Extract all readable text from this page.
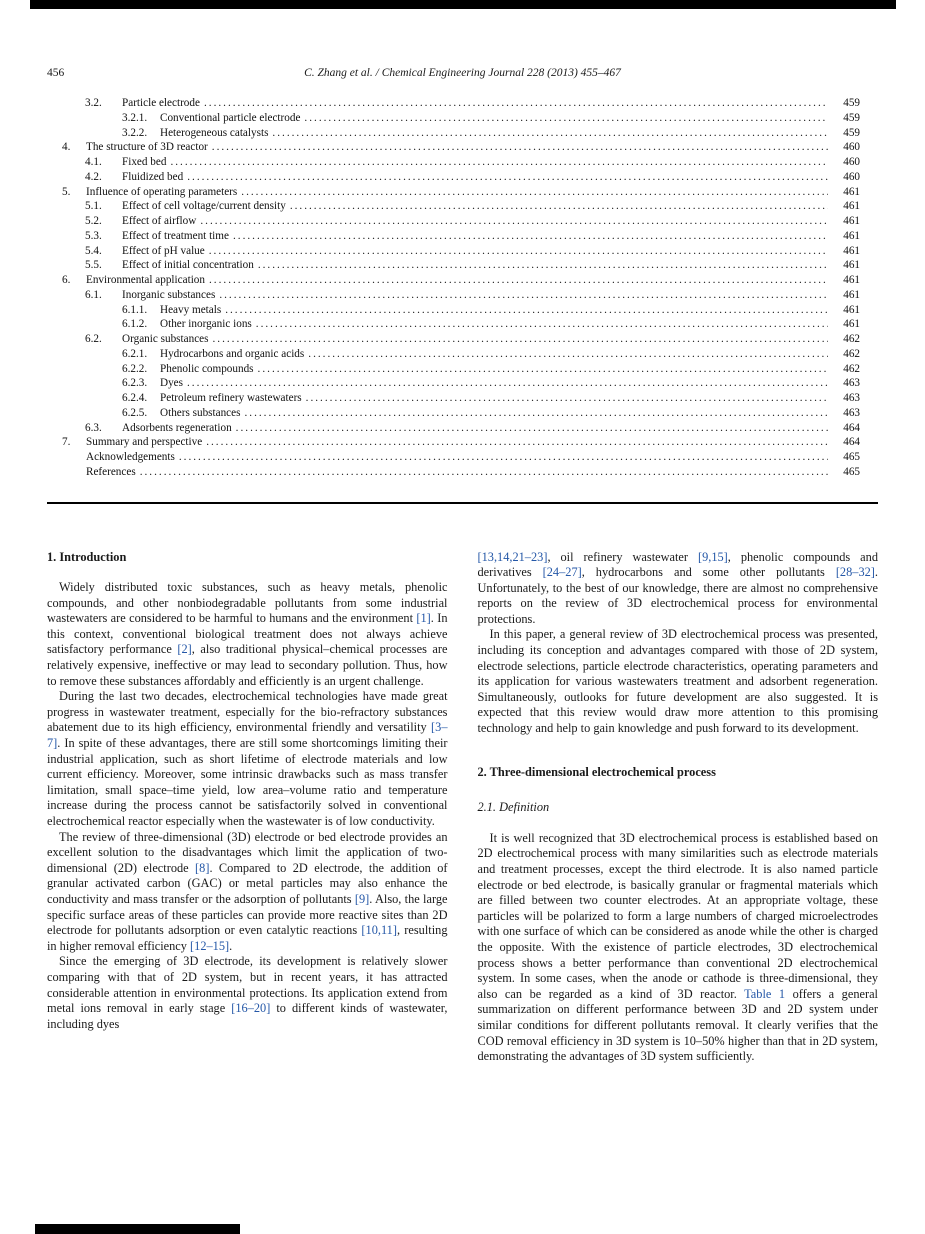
456	C. Zhang et al. / Chemical Engineering Journal 228 (2013) 455–467
3.2.	Particle electrode .....	459
3.2.1.	Conventional particle electrode .....	459
3.2.2.	Heterogeneous catalysts .....	459
4.	The structure of 3D reactor .....	460
4.1.	Fixed bed .....	460
4.2.	Fluidized bed .....	460
5.	Influence of operating parameters .....	461
5.1.	Effect of cell voltage/current density .....	461
5.2.	Effect of airflow .....	461
5.3.	Effect of treatment time .....	461
5.4.	Effect of pH value .....	461
5.5.	Effect of initial concentration .....	461
6.	Environmental application .....	461
6.1.	Inorganic substances .....	461
6.1.1.	Heavy metals .....	461
6.1.2.	Other inorganic ions .....	461
6.2.	Organic substances .....	462
6.2.1.	Hydrocarbons and organic acids .....	462
6.2.2.	Phenolic compounds .....	462
6.2.3.	Dyes .....	463
6.2.4.	Petroleum refinery wastewaters .....	463
6.2.5.	Others substances .....	463
6.3.	Adsorbents regeneration .....	464
7.	Summary and perspective .....	464
Acknowledgements .....	465
References .....	465
1. Introduction

Widely distributed toxic substances, such as heavy metals, phenolic compounds, and other nonbiodegradable pollutants from some industrial wastewaters are considered to be harmful to humans and the environment [1]. In this context, conventional biological treatment does not always achieve satisfactory performance [2], also traditional physical–chemical processes are relatively expensive, ineffective or may lead to secondary pollution. Thus, how to remove these substances affordably and efficiently is an urgent challenge.

During the last two decades, electrochemical technologies have made great progress in wastewater treatment, especially for the bio-refractory substances abatement due to its high efficiency, environmental friendly and versatility [3–7]. In spite of these advantages, there are still some shortcomings limiting their industrial application, such as short lifetime of electrode materials and low current efficiency. Moreover, some intrinsic drawbacks such as mass transfer limitation, small space–time yield, low area–volume ratio and temperature increase during the process cannot be satisfactorily solved in conventional electrochemical reactor especially when the wastewater is of low conductivity.

The review of three-dimensional (3D) electrode or bed electrode provides an excellent solution to the disadvantages which limit the application of two-dimensional (2D) electrode [8]. Compared to 2D electrode, the addition of granular activated carbon (GAC) or metal particles may also enhance the conductivity and mass transfer or the adsorption of pollutants [9]. Also, the large specific surface areas of these particles can provide more reactive sites than 2D electrode for pollutants adsorption or even catalytic reactions [10,11], resulting in higher removal efficiency [12–15].

Since the emerging of 3D electrode, its development is relatively slower comparing with that of 2D system, but in recent years, it has attracted considerable attention in environmental protections. Its application extend from metal ions removal in early stage [16–20] to different kinds of wastewater, including dyes

[13,14,21–23], oil refinery wastewater [9,15], phenolic compounds and derivatives [24–27], hydrocarbons and some other pollutants [28–32]. Unfortunately, to the best of our knowledge, there are almost no comprehensive reports on the review of 3D electrochemical process for environmental protections.

In this paper, a general review of 3D electrochemical process was presented, including its conception and advantages compared with those of 2D system, electrode selections, particle electrode characteristics, operating parameters and its application for various wastewaters treatment and adsorbent regeneration. Simultaneously, outlooks for future development are also suggested. It is expected that this review would draw more attention to this promising technology and help to gain knowledge and push forward to its development.

2. Three-dimensional electrochemical process
2.1. Definition

It is well recognized that 3D electrochemical process is established based on 2D electrochemical process with many similarities such as electrode materials and treatment processes, except the third electrode. It is also named particle electrode or bed electrode, is basically granular or fragmental materials which are filled between two counter electrodes. At an appropriate voltage, these particles will be polarized to form a large numbers of charged microelectrodes with one surface of which can be considered as anode while the other is charged the opposite. With the existence of particle electrodes, 3D electrochemical process shows a better performance than conventional 2D electrochemical system. In some cases, when the anode or cathode is three-dimensional, they also can be regarded as a kind of 3D reactor. Table 1 offers a general summarization on different performance between 3D and 2D system under similar conditions for different pollutants removal. It clearly verifies that the COD removal efficiency in 3D system is 10–50% higher than that in 2D system, demonstrating the advantages of 3D system sufficiently.
